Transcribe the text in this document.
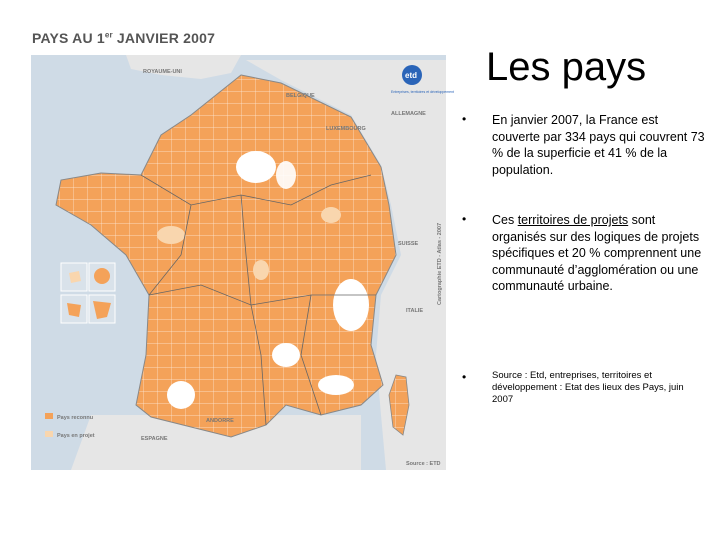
PAYS AU 1er JANVIER 2007
Pays reconnu
Pays en projet
ROYAUME-UNI
BELGIQUE
LUXEMBOURG
ALLEMAGNE
SUISSE
ITALIE
ESPAGNE
ANDORRE
Cartographie ETD - Atlas - 2007
Source : ETD
etd
Entreprises, territoires et développement
Les pays
• En janvier 2007, la France est couverte par 334 pays qui couvrent 73 % de la superficie et 41 % de la population.
• Ces territoires de projets sont organisés sur des logiques de projets spécifiques et 20 % comprennent une communauté d’agglomération ou une communauté urbaine.
•	Source : Etd, entreprises, territoires et développement : Etat des lieux des Pays, juin 2007
